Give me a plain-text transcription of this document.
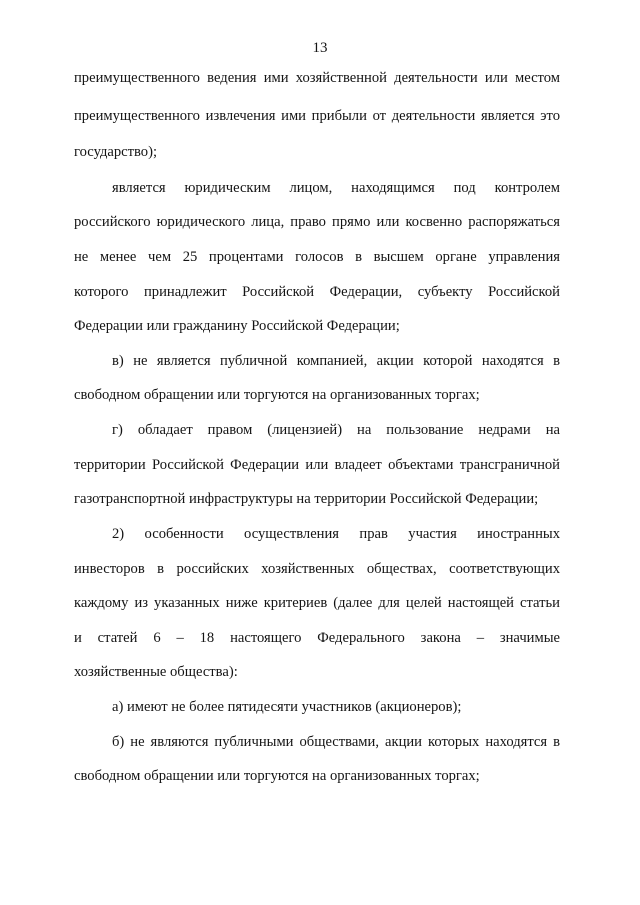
13
преимущественного ведения ими хозяйственной деятельности или местом
преимущественного извлечения ими прибыли от деятельности является это
государство);
является юридическим лицом, находящимся под контролем
российского юридического лица, право прямо или косвенно распоряжаться
не менее чем 25 процентами голосов в высшем органе управления
которого принадлежит Российской Федерации, субъекту Российской
Федерации или гражданину Российской Федерации;
в) не является публичной компанией, акции которой находятся в
свободном обращении или торгуются на организованных торгах;
г) обладает правом (лицензией) на пользование недрами на
территории Российской Федерации или владеет объектами трансграничной
газотранспортной инфраструктуры на территории Российской Федерации;
2) особенности осуществления прав участия иностранных
инвесторов в российских хозяйственных обществах, соответствующих
каждому из указанных ниже критериев (далее для целей настоящей статьи
и статей 6 – 18 настоящего Федерального закона – значимые
хозяйственные общества):
а) имеют не более пятидесяти участников (акционеров);
б) не являются публичными обществами, акции которых находятся в
свободном обращении или торгуются на организованных торгах;
